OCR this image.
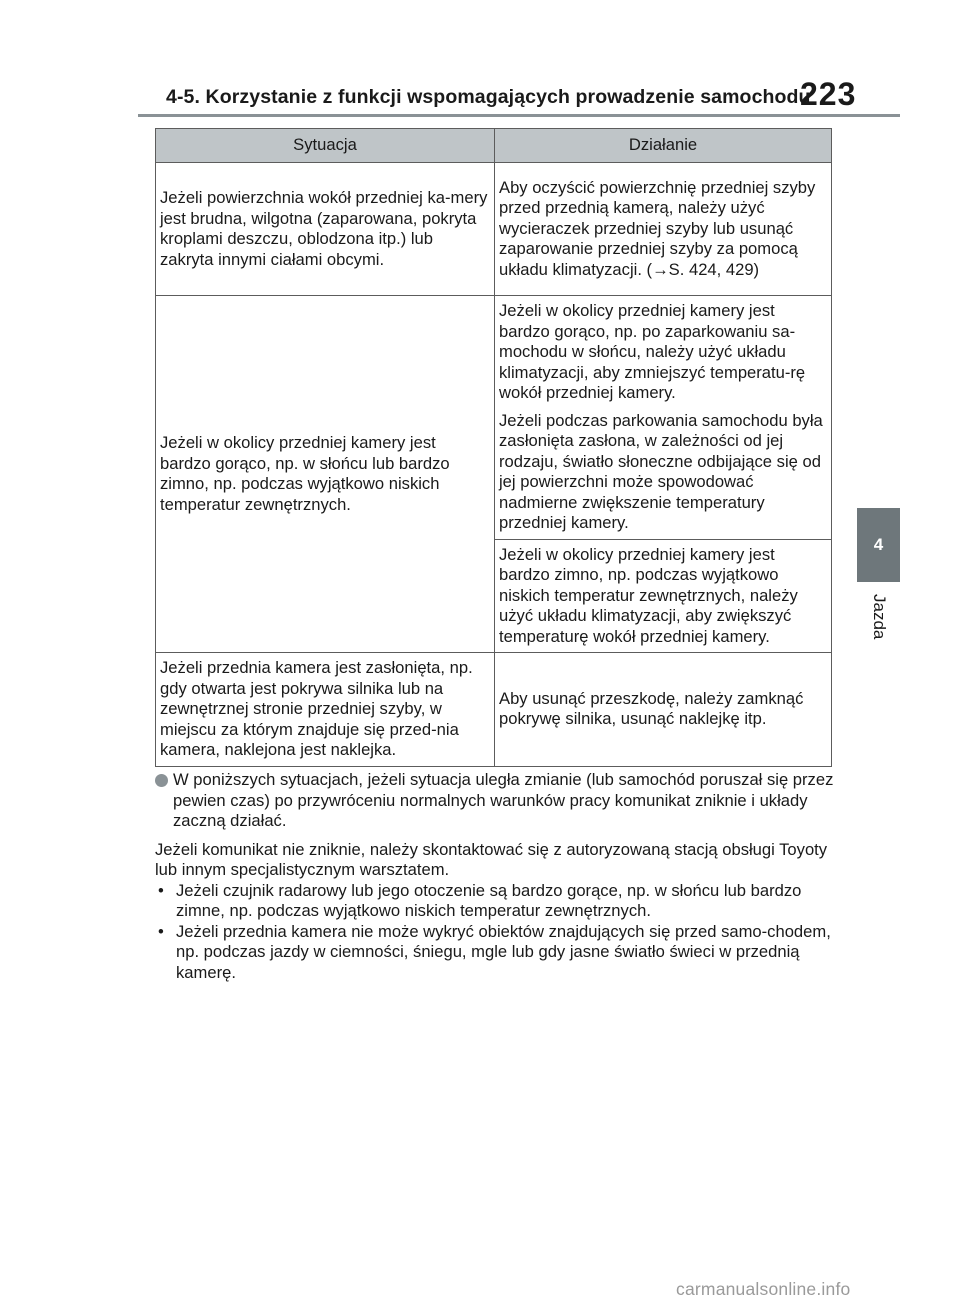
4-5. Korzystanie z funkcji wspomagających prowadzenie samochodu
223
4
Jazda
Sytuacja	Działanie
Jeżeli powierzchnia wokół przedniej ka-mery jest brudna, wilgotna (zaparowana, pokryta kroplami deszczu, oblodzona itp.) lub zakryta innymi ciałami obcymi.	Aby oczyścić powierzchnię przedniej szyby przed przednią kamerą, należy użyć wycieraczek przedniej szyby lub usunąć zaparowanie przedniej szyby za pomocą układu klimatyzacji. (→S. 424, 429)

Jeżeli w okolicy przedniej kamery jest bardzo gorąco, np. w słońcu lub bardzo zimno, np. podczas wyjątkowo niskich temperatur zewnętrznych.	Jeżeli w okolicy przedniej kamery jest bardzo gorąco, np. po zaparkowaniu sa-mochodu w słońcu, należy użyć układu klimatyzacji, aby zmniejszyć temperatu-rę wokół przedniej kamery.
Jeżeli podczas parkowania samochodu była zasłonięta zasłona, w zależności od jej rodzaju, światło słoneczne odbijające się od jej powierzchni może spowodować nadmierne zwiększenie temperatury przedniej kamery.

	Jeżeli w okolicy przedniej kamery jest bardzo zimno, np. podczas wyjątkowo niskich temperatur zewnętrznych, należy użyć układu klimatyzacji, aby zwiększyć temperaturę wokół przedniej kamery.

Jeżeli przednia kamera jest zasłonięta, np. gdy otwarta jest pokrywa silnika lub na zewnętrznej stronie przedniej szyby, w miejscu za którym znajduje się przed-nia kamera, naklejona jest naklejka.	Aby usunąć przeszkodę, należy zamknąć pokrywę silnika, usunąć naklejkę itp.
W poniższych sytuacjach, jeżeli sytuacja uległa zmianie (lub samochód poruszał się przez pewien czas) po przywróceniu normalnych warunków pracy komunikat zniknie i układy zaczną działać.
Jeżeli komunikat nie zniknie, należy skontaktować się z autoryzowaną stacją obsługi Toyoty lub innym specjalistycznym warsztatem.
• Jeżeli czujnik radarowy lub jego otoczenie są bardzo gorące, np. w słońcu lub bardzo zimne, np. podczas wyjątkowo niskich temperatur zewnętrznych.
• Jeżeli przednia kamera nie może wykryć obiektów znajdujących się przed samo-chodem, np. podczas jazdy w ciemności, śniegu, mgle lub gdy jasne światło świeci w przednią kamerę.
carmanualsonline.info
